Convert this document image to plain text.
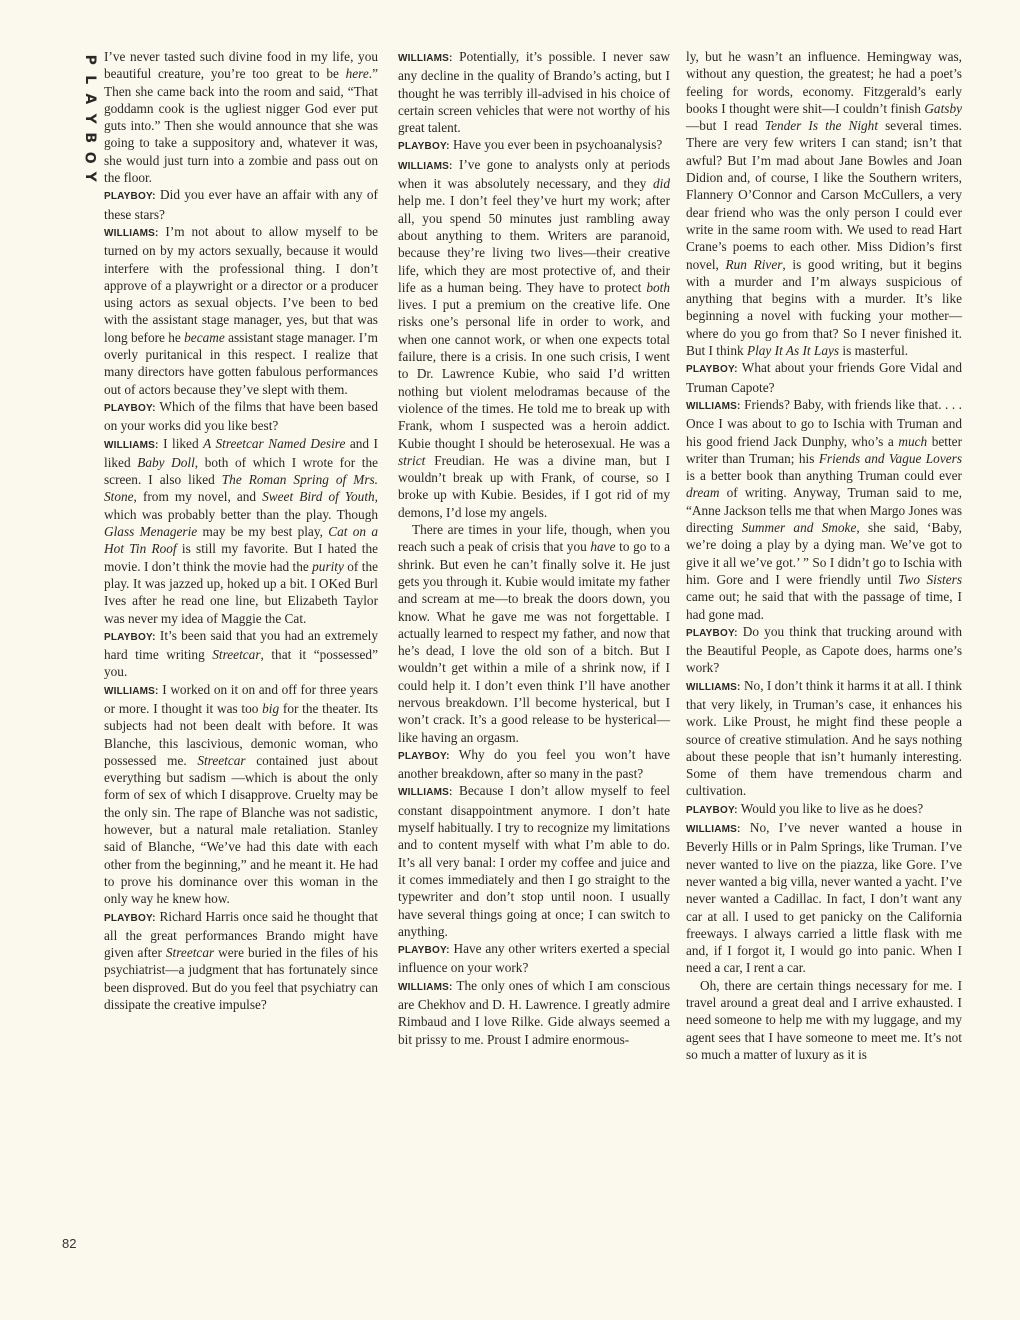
P
L
A
Y
B
O
Y
82

I’ve never tasted such divine food in my life, you beautiful creature, you’re too great to be here.” Then she came back into the room and said, “That goddamn cook is the ugliest nigger God ever put guts into.” Then she would announce that she was going to take a suppository and, whatever it was, she would just turn into a zombie and pass out on the floor.

PLAYBOY: Did you ever have an affair with any of these stars?

WILLIAMS: I’m not about to allow myself to be turned on by my actors sexually, because it would interfere with the professional thing. I don’t approve of a playwright or a director or a producer using actors as sexual objects. I’ve been to bed with the assistant stage manager, yes, but that was long before he became assistant stage manager. I’m overly puritanical in this respect. I realize that many directors have gotten fabulous performances out of actors because they’ve slept with them.

PLAYBOY: Which of the films that have been based on your works did you like best?

WILLIAMS: I liked A Streetcar Named Desire and I liked Baby Doll, both of which I wrote for the screen. I also liked The Roman Spring of Mrs. Stone, from my novel, and Sweet Bird of Youth, which was probably better than the play. Though Glass Menagerie may be my best play, Cat on a Hot Tin Roof is still my favorite. But I hated the movie. I don’t think the movie had the purity of the play. It was jazzed up, hoked up a bit. I OKed Burl Ives after he read one line, but Elizabeth Taylor was never my idea of Maggie the Cat.

PLAYBOY: It’s been said that you had an extremely hard time writing Streetcar, that it “possessed” you.

WILLIAMS: I worked on it on and off for three years or more. I thought it was too big for the theater. Its subjects had not been dealt with before. It was Blanche, this lascivious, demonic woman, who possessed me. Streetcar contained just about everything but sadism —which is about the only form of sex of which I disapprove. Cruelty may be the only sin. The rape of Blanche was not sadistic, however, but a natural male retaliation. Stanley said of Blanche, “We’ve had this date with each other from the beginning,” and he meant it. He had to prove his dominance over this woman in the only way he knew how.

PLAYBOY: Richard Harris once said he thought that all the great performances Brando might have given after Streetcar were buried in the files of his psychiatrist—a judgment that has fortunately since been disproved. But do you feel that psychiatry can dissipate the creative impulse?

WILLIAMS: Potentially, it’s possible. I never saw any decline in the quality of Brando’s acting, but I thought he was terribly ill-advised in his choice of certain screen vehicles that were not worthy of his great talent.

PLAYBOY: Have you ever been in psychoanalysis?

WILLIAMS: I’ve gone to analysts only at periods when it was absolutely necessary, and they did help me. I don’t feel they’ve hurt my work; after all, you spend 50 minutes just rambling away about anything to them. Writers are paranoid, because they’re living two lives—their creative life, which they are most protective of, and their life as a human being. They have to protect both lives. I put a premium on the creative life. One risks one’s personal life in order to work, and when one cannot work, or when one expects total failure, there is a crisis. In one such crisis, I went to Dr. Lawrence Kubie, who said I’d written nothing but violent melodramas because of the violence of the times. He told me to break up with Frank, whom I suspected was a heroin addict. Kubie thought I should be heterosexual. He was a strict Freudian. He was a divine man, but I wouldn’t break up with Frank, of course, so I broke up with Kubie. Besides, if I got rid of my demons, I’d lose my angels.

There are times in your life, though, when you reach such a peak of crisis that you have to go to a shrink. But even he can’t finally solve it. He just gets you through it. Kubie would imitate my father and scream at me—to break the doors down, you know. What he gave me was not forgettable. I actually learned to respect my father, and now that he’s dead, I love the old son of a bitch. But I wouldn’t get within a mile of a shrink now, if I could help it. I don’t even think I’ll have another nervous breakdown. I’ll become hysterical, but I won’t crack. It’s a good release to be hysterical—like having an orgasm.

PLAYBOY: Why do you feel you won’t have another breakdown, after so many in the past?

WILLIAMS: Because I don’t allow myself to feel constant disappointment anymore. I don’t hate myself habitually. I try to recognize my limitations and to content myself with what I’m able to do. It’s all very banal: I order my coffee and juice and it comes immediately and then I go straight to the typewriter and don’t stop until noon. I usually have several things going at once; I can switch to anything.

PLAYBOY: Have any other writers exerted a special influence on your work?

WILLIAMS: The only ones of which I am conscious are Chekhov and D. H. Lawrence. I greatly admire Rimbaud and I love Rilke. Gide always seemed a bit prissy to me. Proust I admire enormous-

ly, but he wasn’t an influence. Hemingway was, without any question, the greatest; he had a poet’s feeling for words, economy. Fitzgerald’s early books I thought were shit—I couldn’t finish Gatsby—but I read Tender Is the Night several times. There are very few writers I can stand; isn’t that awful? But I’m mad about Jane Bowles and Joan Didion and, of course, I like the Southern writers, Flannery O’Connor and Carson McCullers, a very dear friend who was the only person I could ever write in the same room with. We used to read Hart Crane’s poems to each other. Miss Didion’s first novel, Run River, is good writing, but it begins with a murder and I’m always suspicious of anything that begins with a murder. It’s like beginning a novel with fucking your mother—where do you go from that? So I never finished it. But I think Play It As It Lays is masterful.

PLAYBOY: What about your friends Gore Vidal and Truman Capote?

WILLIAMS: Friends? Baby, with friends like that. . . . Once I was about to go to Ischia with Truman and his good friend Jack Dunphy, who’s a much better writer than Truman; his Friends and Vague Lovers is a better book than anything Truman could ever dream of writing. Anyway, Truman said to me, “Anne Jackson tells me that when Margo Jones was directing Summer and Smoke, she said, ‘Baby, we’re doing a play by a dying man. We’ve got to give it all we’ve got.’ ” So I didn’t go to Ischia with him. Gore and I were friendly until Two Sisters came out; he said that with the passage of time, I had gone mad.

PLAYBOY: Do you think that trucking around with the Beautiful People, as Capote does, harms one’s work?

WILLIAMS: No, I don’t think it harms it at all. I think that very likely, in Truman’s case, it enhances his work. Like Proust, he might find these people a source of creative stimulation. And he says nothing about these people that isn’t humanly interesting. Some of them have tremendous charm and cultivation.

PLAYBOY: Would you like to live as he does?

WILLIAMS: No, I’ve never wanted a house in Beverly Hills or in Palm Springs, like Truman. I’ve never wanted to live on the piazza, like Gore. I’ve never wanted a big villa, never wanted a yacht. I’ve never wanted a Cadillac. In fact, I don’t want any car at all. I used to get panicky on the California freeways. I always carried a little flask with me and, if I forgot it, I would go into panic. When I need a car, I rent a car.

Oh, there are certain things necessary for me. I travel around a great deal and I arrive exhausted. I need someone to help me with my luggage, and my agent sees that I have someone to meet me. It’s not so much a matter of luxury as it is
